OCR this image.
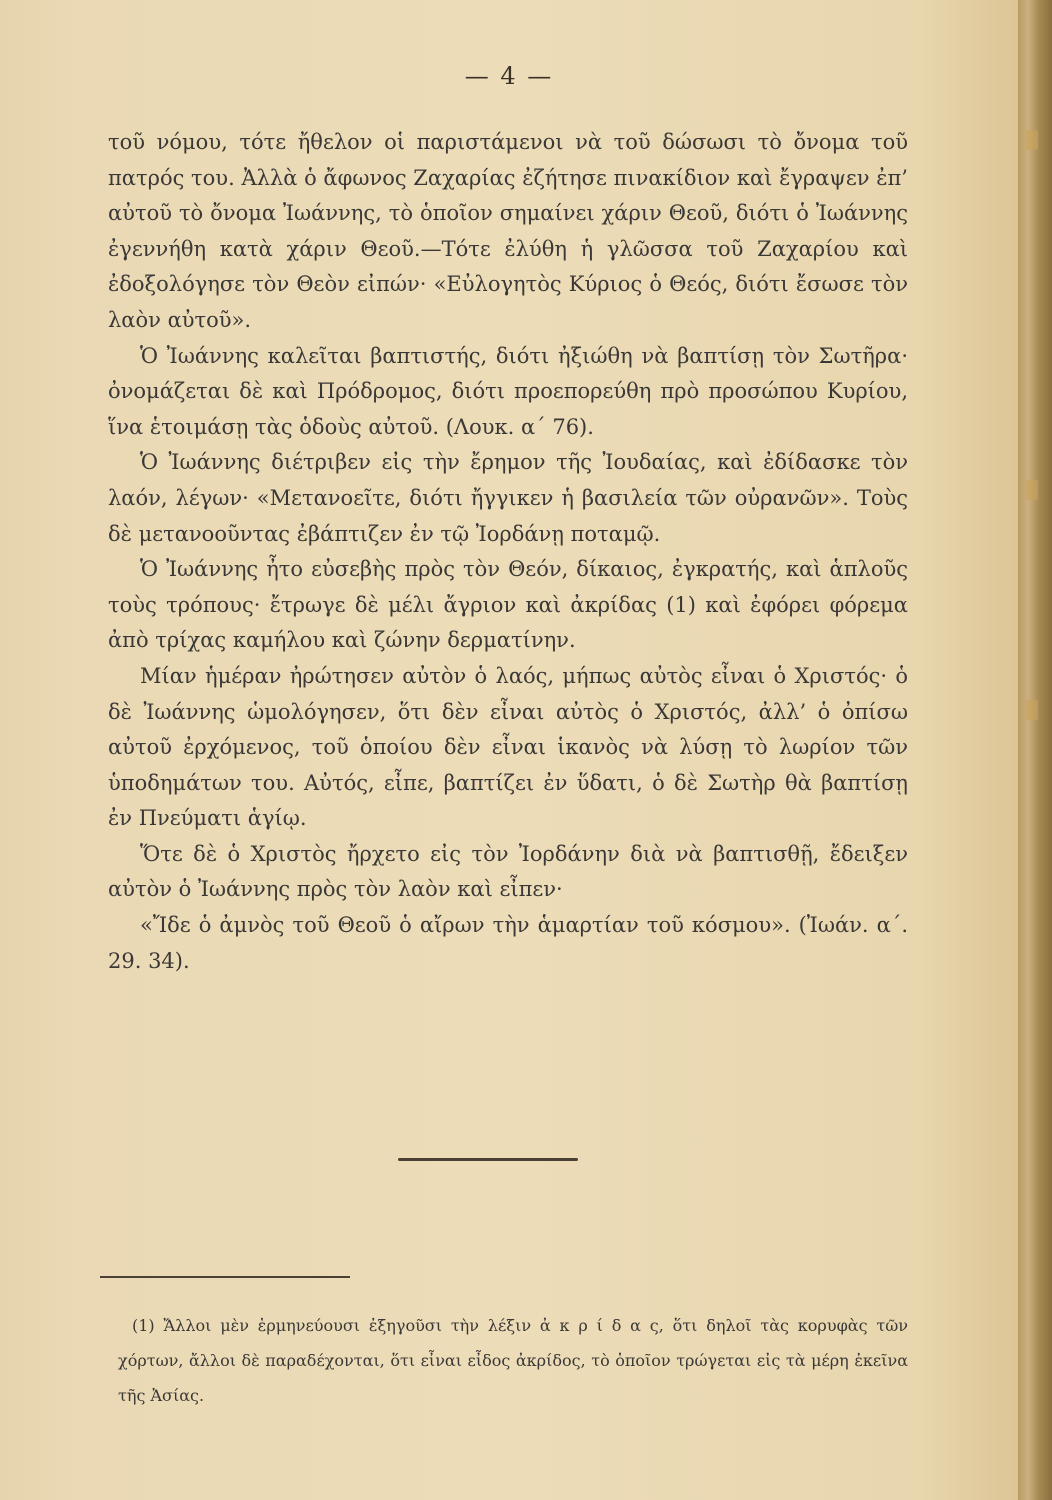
— 4 —

τοῦ νόμου, τότε ἤθελον οἱ παριστάμενοι νὰ τοῦ δώσωσι τὸ ὄνομα τοῦ πατρός του. Ἀλλὰ ὁ ἄφωνος Ζαχαρίας ἐζήτησε πινακίδιον καὶ ἔγραψεν ἐπ’ αὐτοῦ τὸ ὄνομα Ἰωάννης, τὸ ὁποῖον σημαίνει χάριν Θεοῦ, διότι ὁ Ἰωάννης ἐγεννήθη κατὰ χάριν Θεοῦ.—Τότε ἐλύθη ἡ γλῶσσα τοῦ Ζαχαρίου καὶ ἐδοξολόγησε τὸν Θεὸν εἰπών· «Εὐλογητὸς Κύριος ὁ Θεός, διότι ἔσωσε τὸν λαὸν αὐτοῦ».

Ὁ Ἰωάννης καλεῖται βαπτιστής, διότι ἠξιώθη νὰ βαπτίσῃ τὸν Σωτῆρα· ὀνομάζεται δὲ καὶ Πρόδρομος, διότι προεπορεύθη πρὸ προσώπου Κυρίου, ἵνα ἑτοιμάσῃ τὰς ὁδοὺς αὐτοῦ. (Λουκ. α΄ 76).

Ὁ Ἰωάννης διέτριβεν εἰς τὴν ἔρημον τῆς Ἰουδαίας, καὶ ἐδίδασκε τὸν λαόν, λέγων· «Μετανοεῖτε, διότι ἤγγικεν ἡ βασιλεία τῶν οὐρανῶν». Τοὺς δὲ μετανοοῦντας ἐβάπτιζεν ἐν τῷ Ἰορδάνῃ ποταμῷ.

Ὁ Ἰωάννης ἦτο εὐσεβὴς πρὸς τὸν Θεόν, δίκαιος, ἐγκρατής, καὶ ἁπλοῦς τοὺς τρόπους· ἔτρωγε δὲ μέλι ἄγριον καὶ ἀκρίδας (1) καὶ ἐφόρει φόρεμα ἀπὸ τρίχας καμήλου καὶ ζώνην δερματίνην.

Μίαν ἡμέραν ἠρώτησεν αὐτὸν ὁ λαός, μήπως αὐτὸς εἶναι ὁ Χριστός· ὁ δὲ Ἰωάννης ὡμολόγησεν, ὅτι δὲν εἶναι αὐτὸς ὁ Χριστός, ἀλλ’ ὁ ὀπίσω αὐτοῦ ἐρχόμενος, τοῦ ὁποίου δὲν εἶναι ἱκανὸς νὰ λύσῃ τὸ λωρίον τῶν ὑποδημάτων του. Αὐτός, εἶπε, βαπτίζει ἐν ὕδατι, ὁ δὲ Σωτὴρ θὰ βαπτίσῃ ἐν Πνεύματι ἁγίῳ.

Ὅτε δὲ ὁ Χριστὸς ἤρχετο εἰς τὸν Ἰορδάνην διὰ νὰ βαπτισθῇ, ἔδειξεν αὐτὸν ὁ Ἰωάννης πρὸς τὸν λαὸν καὶ εἶπεν·

«Ἴδε ὁ ἀμνὸς τοῦ Θεοῦ ὁ αἴρων τὴν ἁμαρτίαν τοῦ κόσμου». (Ἰωάν. α΄. 29. 34).

(1) Ἄλλοι μὲν ἑρμηνεύουσι ἐξηγοῦσι τὴν λέξιν ἀ κ ρ ί δ α ς, ὅτι δηλοῖ τὰς κορυφὰς τῶν χόρτων, ἄλλοι δὲ παραδέχονται, ὅτι εἶναι εἶδος ἀκρίδος, τὸ ὁποῖον τρώγεται εἰς τὰ μέρη ἐκεῖνα τῆς Ἀσίας.
